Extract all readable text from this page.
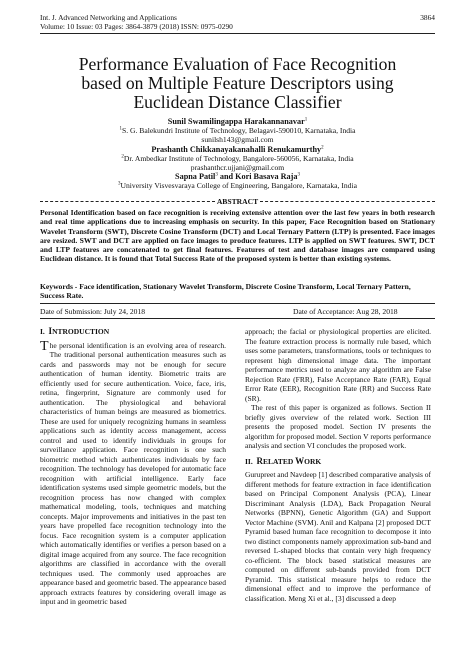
Int. J. Advanced Networking and Applications
Volume: 10 Issue: 03 Pages: 3864-3879 (2018) ISSN: 0975-0290
3864
Performance Evaluation of Face Recognition
based on Multiple Feature Descriptors using
Euclidean Distance Classifier
Sunil Swamilingappa Harakannanavar$^1$
$^1$S. G. Balekundri Institute of Technology, Belagavi-590010, Karnataka, India
sunilsh143@gmail.com
Prashanth Chikkanayakanahalli Renukamurthy$^2$
$^2$Dr. Ambedkar Institute of Technology, Bangalore-560056, Karnataka, India
prashanthcr.ujjani@gmail.com
Sapna Patil$^3$ and Kori Basava Raja$^3$
$^3$University Visvesvaraya College of Engineering, Bangalore, Karnataka, India
ABSTRACT
Personal Identification based on face recognition is receiving extensive attention over the last few years in both research and real time applications due to increasing emphasis on security. In this paper, Face Recognition based on Stationary Wavelet Transform (SWT), Discrete Cosine Transform (DCT) and Local Ternary Pattern (LTP) is presented. Face images are resized. SWT and DCT are applied on face images to produce features. LTP is applied on SWT features. SWT, DCT and LTP features are concatenated to get final features. Features of test and database images are compared using Euclidean distance. It is found that Total Success Rate of the proposed system is better than existing systems.
Keywords - Face identification, Stationary Wavelet Transform, Discrete Cosine Transform, Local Ternary Pattern, Success Rate.
Date of Submission: July 24, 2018	Date of Acceptance: Aug 28, 2018
I. INTRODUCTION

The personal identification is an evolving area of research. The traditional personal authentication measures such as cards and passwords may not be enough for secure authentication of human identity. Biometric traits are efficiently used for secure authentication. Voice, face, iris, retina, fingerprint, Signature are commonly used for authentication. The physiological and behavioral characteristics of human beings are measured as biometrics. These are used for uniquely recognizing humans in seamless applications such as identity access management, access control and used to identify individuals in groups for surveillance application. Face recognition is one such biometric method which authenticates individuals by face recognition. The technology has developed for automatic face recognition with artificial intelligence. Early face identification systems used simple geometric models, but the recognition process has now changed with complex mathematical modeling, tools, techniques and matching concepts. Major improvements and initiatives in the past ten years have propelled face recognition technology into the focus. Face recognition system is a computer application which automatically identifies or verifies a person based on a digital image acquired from any source. The face recognition algorithms are classified in accordance with the overall techniques used. The commonly used approaches are appearance based and geometric based. The appearance based approach extracts features by considering overall image as input and in geometric based

approach; the facial or physiological properties are elicited. The feature extraction process is normally rule based, which uses some parameters, transformations, tools or techniques to represent high dimensional image data. The important performance metrics used to analyze any algorithm are False Rejection Rate (FRR), False Acceptance Rate (FAR), Equal Error Rate (EER), Recognition Rate (RR) and Success Rate (SR).

The rest of this paper is organized as follows. Section II briefly gives overview of the related work. Section III presents the proposed model. Section IV presents the algorithm for proposed model. Section V reports performance analysis and section VI concludes the proposed work.

II. RELATED WORK

Gurupreet and Navdeep [1] described comparative analysis of different methods for feature extraction in face identification based on Principal Component Analysis (PCA), Linear Discriminant Analysis (LDA), Back Propagation Neural Networks (BPNN), Genetic Algorithm (GA) and Support Vector Machine (SVM). Anil and Kalpana [2] proposed DCT Pyramid based human face recognition to decompose it into two distinct components namely approximation sub-band and reversed L-shaped blocks that contain very high frequency co-efficient. The block based statistical measures are computed on different sub-bands provided from DCT Pyramid. This statistical measure helps to reduce the dimensional effect and to improve the performance of classification. Meng Xi et al., [3] discussed a deep
